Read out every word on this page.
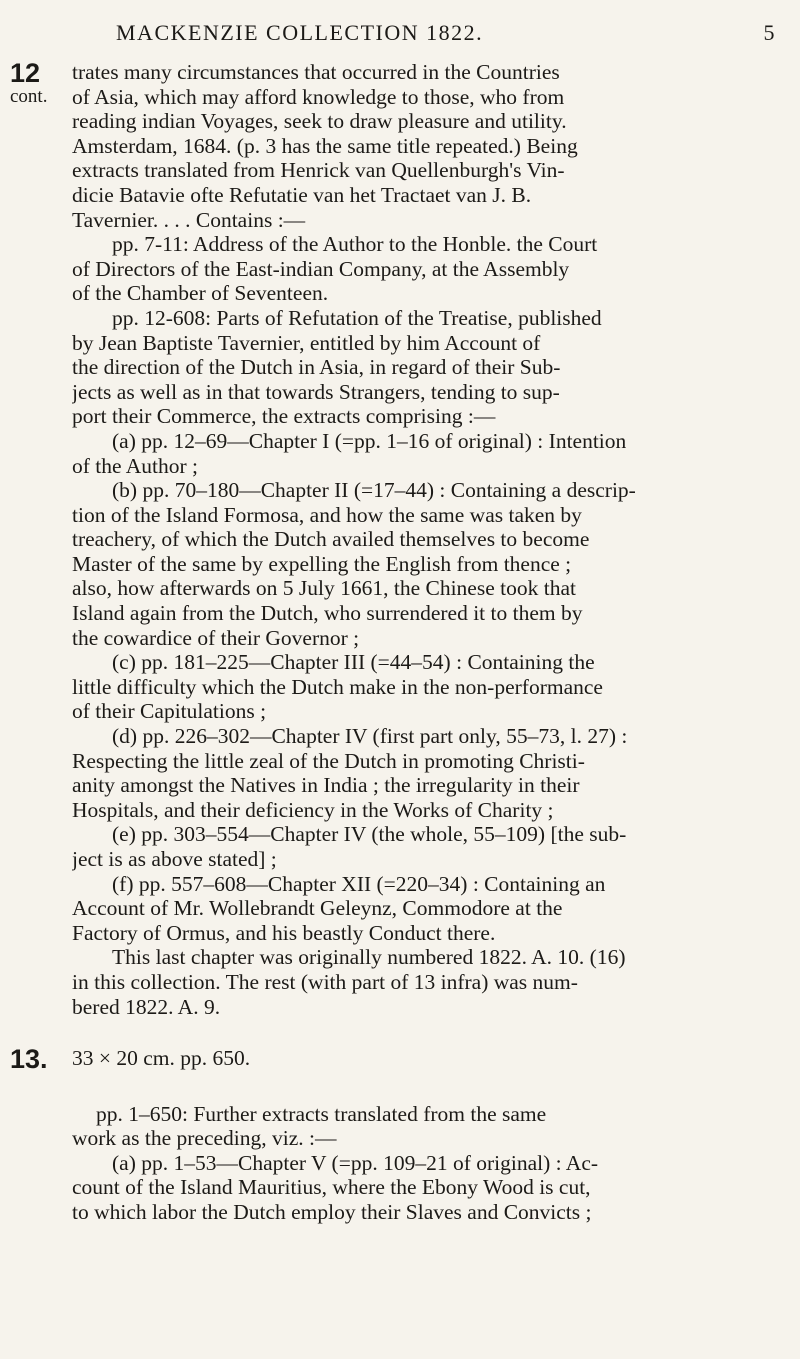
MACKENZIE COLLECTION 1822.	5
12
cont.
trates many circumstances that occurred in the Countries
of Asia, which may afford knowledge to those, who from
reading indian Voyages, seek to draw pleasure and utility.
Amsterdam, 1684. (p. 3 has the same title repeated.) Being
extracts translated from Henrick van Quellenburgh's Vin-
dicie Batavie ofte Refutatie van het Tractaet van J. B.
Tavernier. . . . Contains :—
pp. 7-11: Address of the Author to the Honble. the Court
of Directors of the East-indian Company, at the Assembly
of the Chamber of Seventeen.
pp. 12-608: Parts of Refutation of the Treatise, published
by Jean Baptiste Tavernier, entitled by him Account of
the direction of the Dutch in Asia, in regard of their Sub-
jects as well as in that towards Strangers, tending to sup-
port their Commerce, the extracts comprising :—
(a) pp. 12–69—Chapter I (=pp. 1–16 of original) : Intention
of the Author ;
(b) pp. 70–180—Chapter II (=17–44) : Containing a descrip-
tion of the Island Formosa, and how the same was taken by
treachery, of which the Dutch availed themselves to become
Master of the same by expelling the English from thence ;
also, how afterwards on 5 July 1661, the Chinese took that
Island again from the Dutch, who surrendered it to them by
the cowardice of their Governor ;
(c) pp. 181–225—Chapter III (=44–54) : Containing the
little difficulty which the Dutch make in the non-performance
of their Capitulations ;
(d) pp. 226–302—Chapter IV (first part only, 55–73, l. 27) :
Respecting the little zeal of the Dutch in promoting Christi-
anity amongst the Natives in India ; the irregularity in their
Hospitals, and their deficiency in the Works of Charity ;
(e) pp. 303–554—Chapter IV (the whole, 55–109) [the sub-
ject is as above stated] ;
(f) pp. 557–608—Chapter XII (=220–34) : Containing an
Account of Mr. Wollebrandt Geleynz, Commodore at the
Factory of Ormus, and his beastly Conduct there.
This last chapter was originally numbered 1822. A. 10. (16)
in this collection. The rest (with part of 13 infra) was num-
bered 1822. A. 9.
13. 33 × 20 cm. pp. 650.
pp. 1–650: Further extracts translated from the same
work as the preceding, viz. :—
(a) pp. 1–53—Chapter V (=pp. 109–21 of original) : Ac-
count of the Island Mauritius, where the Ebony Wood is cut,
to which labor the Dutch employ their Slaves and Convicts ;
